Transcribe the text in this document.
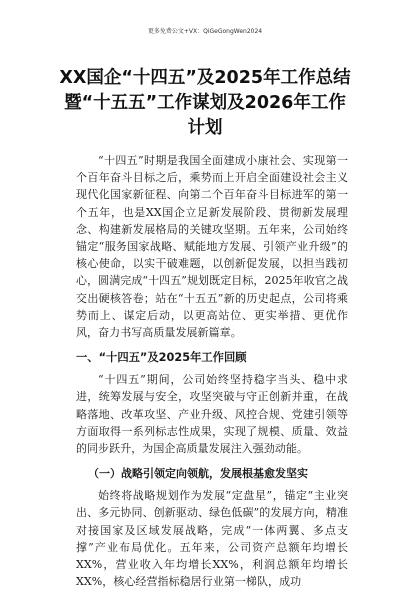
更多免费公文+VX：QiGeGongWen2024
XX国企“十四五”及2025年工作总结
暨“十五五”工作谋划及2026年工作
计划

“十四五”时期是我国全面建成小康社会、实现第一个百年奋斗目标之后，乘势而上开启全面建设社会主义现代化国家新征程、向第二个百年奋斗目标进军的第一个五年，也是XX国企立足新发展阶段、贯彻新发展理念、构建新发展格局的关键攻坚期。五年来，公司始终锚定“服务国家战略、赋能地方发展、引领产业升级”的核心使命，以实干破难题，以创新促发展，以担当践初心，圆满完成“十四五”规划既定目标，2025年收官之战交出硬核答卷；站在“十五五”新的历史起点，公司将乘势而上、谋定后动，以更高站位、更实举措、更优作风，奋力书写高质量发展新篇章。

一、“十四五”及2025年工作回顾

“十四五”期间，公司始终坚持稳字当头、稳中求进，统筹发展与安全，攻坚突破与守正创新并重，在战略落地、改革攻坚、产业升级、风控合规、党建引领等方面取得一系列标志性成果，实现了规模、质量、效益的同步跃升，为国企高质量发展注入强劲动能。

（一）战略引领定向领航，发展根基愈发坚实

始终将战略规划作为发展“定盘星”，锚定“主业突出、多元协同、创新驱动、绿色低碳”的发展方向，精准对接国家及区域发展战略，完成“一体两翼、多点支撑”产业布局优化。五年来，公司资产总额年均增长XX%，营业收入年均增长XX%，利润总额年均增长XX%，核心经营指标稳居行业第一梯队，成功
